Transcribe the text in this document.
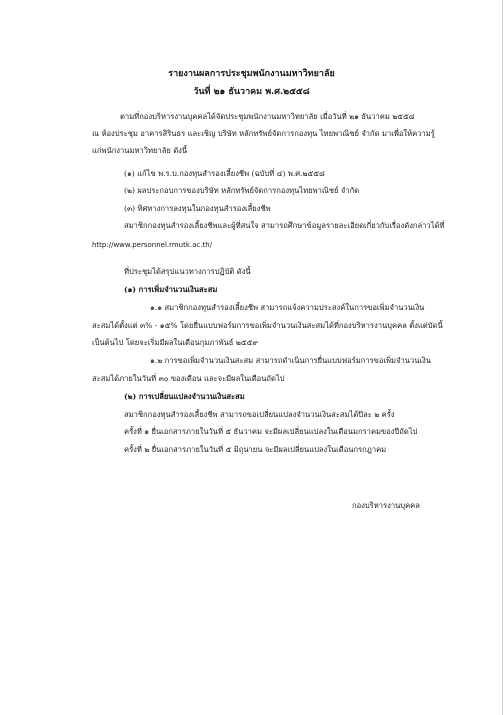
รายงานผลการประชุมพนักงานมหาวิทยาลัย
วันที่ ๒๑ ธันวาคม พ.ศ.๒๕๕๘
ตามที่กองบริหารงานบุคคลได้จัดประชุมพนักงานมหาวิทยาลัย เมื่อวันที่ ๒๑ ธันวาคม ๒๕๕๘
ณ ห้องประชุม อาคารสิรินธร และเชิญ บริษัท หลักทรัพย์จัดการกองทุน ไทยพาณิชย์ จำกัด มาเพื่อให้ความรู้
แก่พนักงานมหาวิทยาลัย ดังนี้
(๑) แก้ไข พ.ร.บ.กองทุนสำรองเลี้ยงชีพ (ฉบับที่ ๔) พ.ศ.๒๕๕๘
(๒) ผลประกอบการของบริษัท หลักทรัพย์จัดการกองทุนไทยพาณิชย์ จำกัด
(๓) ทิศทางการลงทุนในกองทุนสำรองเลี้ยงชีพ
สมาชิกกองทุนสำรองเลี้ยงชีพและผู้ที่สนใจ สามารถศึกษาข้อมูลรายละเอียดเกี่ยวกับเรื่องดังกล่าวได้ที่
http://www.personnel.rmutk.ac.th/
ที่ประชุมได้สรุปแนวทางการปฏิบัติ ดังนี้
(๑) การเพิ่มจำนวนเงินสะสม
๑.๑ สมาชิกกองทุนสำรองเลี้ยงชีพ สามารถแจ้งความประสงค์ในการขอเพิ่มจำนวนเงิน
สะสมได้ตั้งแต่ ๓% - ๑๕% โดยยื่นแบบฟอร์มการขอเพิ่มจำนวนเงินสะสมได้ที่กองบริหารงานบุคคล ตั้งแต่บัดนี้
เป็นต้นไป โดยจะเริ่มมีผลในเดือนกุมภาพันธ์ ๒๕๕๙
๑.๒ การขอเพิ่มจำนวนเงินสะสม สามารถดำเนินการยื่นแบบฟอร์มการขอเพิ่มจำนวนเงิน
สะสมได้ภายในวันที่ ๓๐ ของเดือน และจะมีผลในเดือนถัดไป
(๒) การเปลี่ยนแปลงจำนวนเงินสะสม
สมาชิกกองทุนสำรองเลี้ยงชีพ สามารถขอเปลี่ยนแปลงจำนวนเงินสะสมได้ปีละ ๒ ครั้ง
ครั้งที่ ๑ ยื่นเอกสารภายในวันที่ ๕ ธันวาคม จะมีผลเปลี่ยนแปลงในเดือนมกราคมของปีถัดไป
ครั้งที่ ๒ ยื่นเอกสารภายในวันที่ ๕ มิถุนายน จะมีผลเปลี่ยนแปลงในเดือนกรกฎาคม
กองบริหารงานบุคคล
